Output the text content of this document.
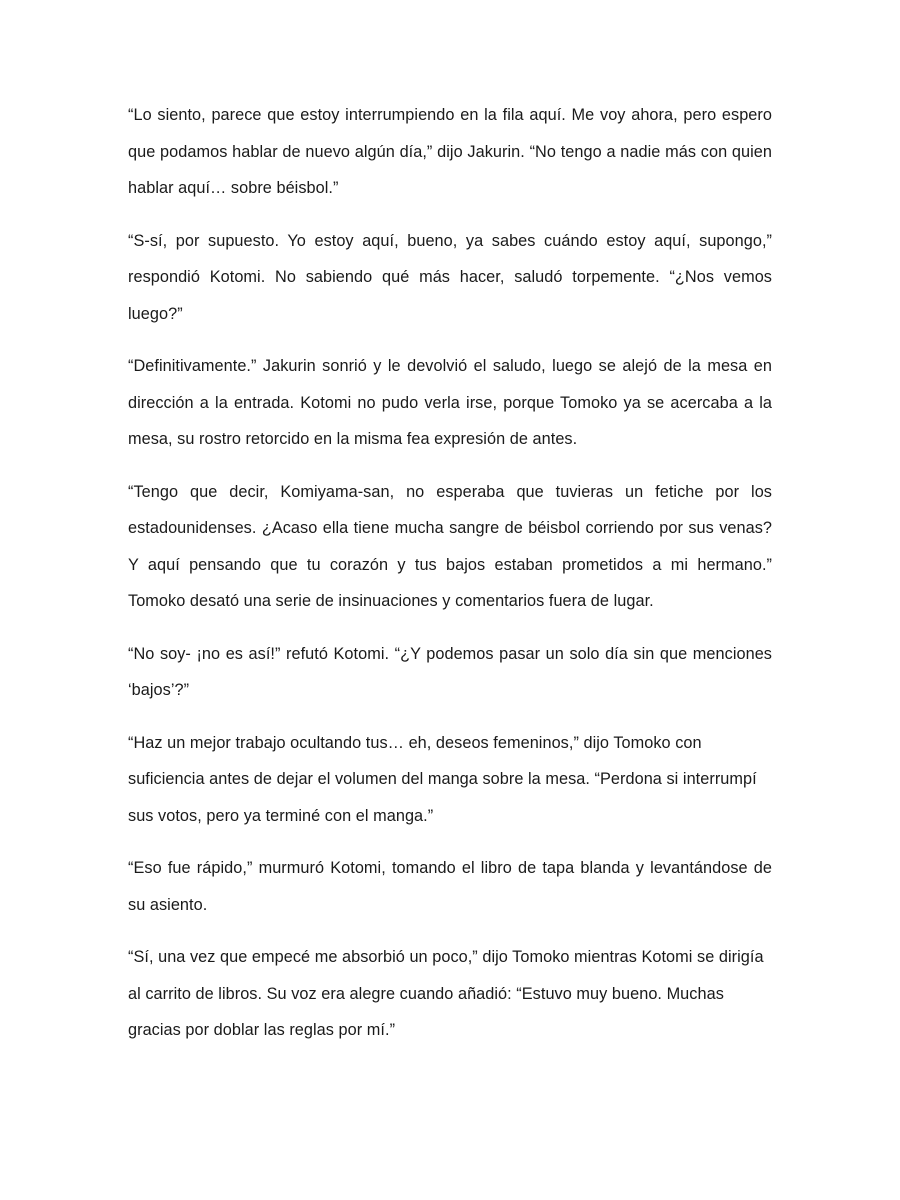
“Lo siento, parece que estoy interrumpiendo en la fila aquí. Me voy ahora, pero espero que podamos hablar de nuevo algún día,” dijo Jakurin. “No tengo a nadie más con quien hablar aquí… sobre béisbol.”

“S-sí, por supuesto. Yo estoy aquí, bueno, ya sabes cuándo estoy aquí, supongo,” respondió Kotomi. No sabiendo qué más hacer, saludó torpemente. “¿Nos vemos luego?”

“Definitivamente.” Jakurin sonrió y le devolvió el saludo, luego se alejó de la mesa en dirección a la entrada. Kotomi no pudo verla irse, porque Tomoko ya se acercaba a la mesa, su rostro retorcido en la misma fea expresión de antes.

“Tengo que decir, Komiyama-san, no esperaba que tuvieras un fetiche por los estadounidenses. ¿Acaso ella tiene mucha sangre de béisbol corriendo por sus venas? Y aquí pensando que tu corazón y tus bajos estaban prometidos a mi hermano.” Tomoko desató una serie de insinuaciones y comentarios fuera de lugar.

“No soy- ¡no es así!” refutó Kotomi. “¿Y podemos pasar un solo día sin que menciones ‘bajos’?”

“Haz un mejor trabajo ocultando tus… eh, deseos femeninos,” dijo Tomoko con suficiencia antes de dejar el volumen del manga sobre la mesa. “Perdona si interrumpí sus votos, pero ya terminé con el manga.”

“Eso fue rápido,” murmuró Kotomi, tomando el libro de tapa blanda y levantándose de su asiento.

“Sí, una vez que empecé me absorbió un poco,” dijo Tomoko mientras Kotomi se dirigía al carrito de libros. Su voz era alegre cuando añadió: “Estuvo muy bueno. Muchas gracias por doblar las reglas por mí.”
